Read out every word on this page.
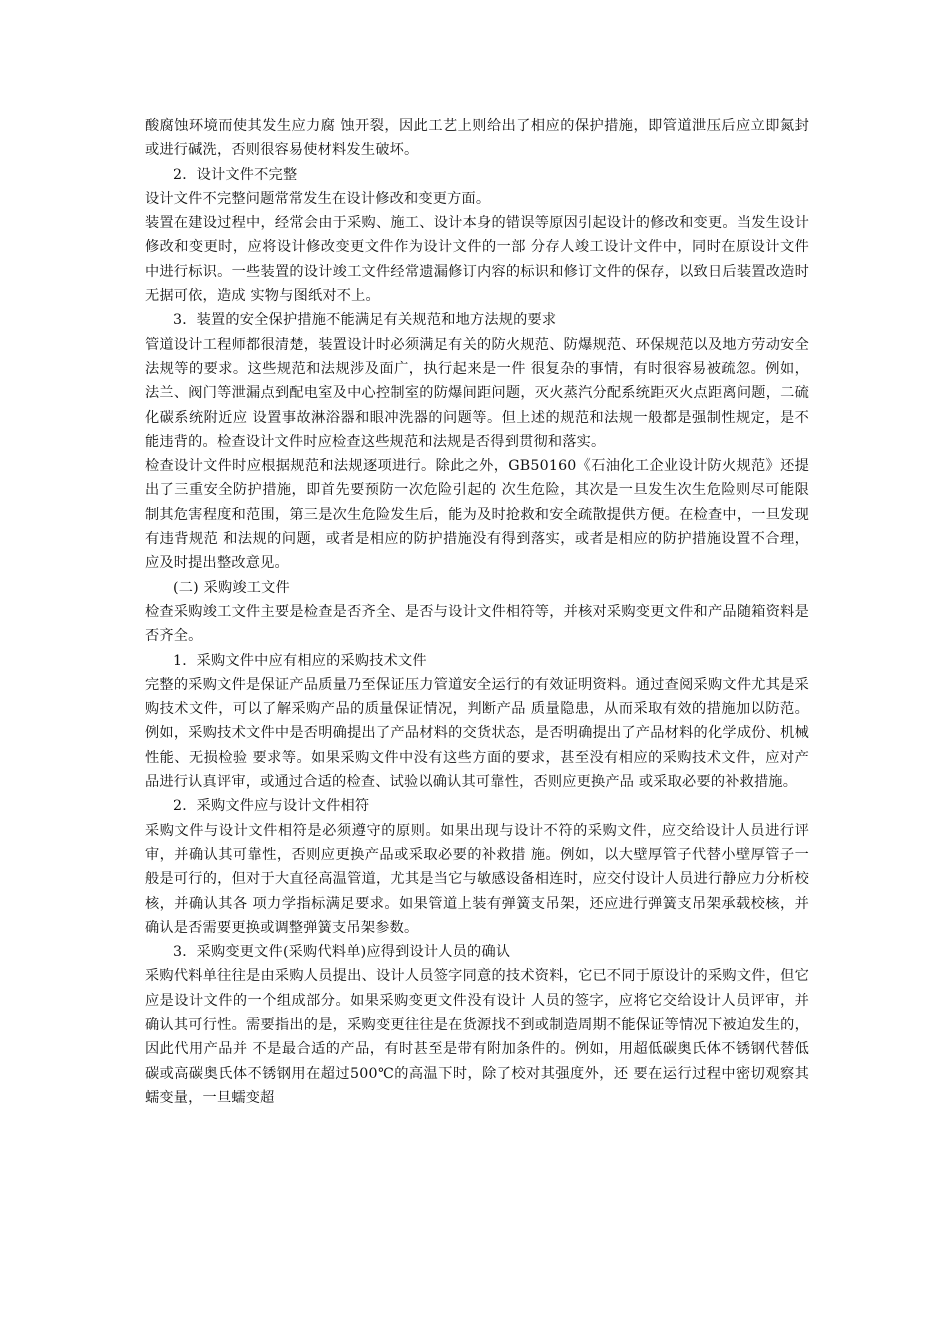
酸腐蚀环境而使其发生应力腐 蚀开裂，因此工艺上则给出了相应的保护措施，即管道泄压后应立即氮封或进行碱洗，否则很容易使材料发生破坏。

2．设计文件不完整

设计文件不完整问题常常发生在设计修改和变更方面。

装置在建设过程中，经常会由于采购、施工、设计本身的错误等原因引起设计的修改和变更。当发生设计修改和变更时，应将设计修改变更文件作为设计文件的一部 分存人竣工设计文件中，同时在原设计文件中进行标识。一些装置的设计竣工文件经常遗漏修订内容的标识和修订文件的保存，以致日后装置改造时无据可依，造成 实物与图纸对不上。

3．装置的安全保护措施不能满足有关规范和地方法规的要求

管道设计工程师都很清楚，装置设计时必须满足有关的防火规范、防爆规范、环保规范以及地方劳动安全法规等的要求。这些规范和法规涉及面广，执行起来是一件 很复杂的事情，有时很容易被疏忽。例如，法兰、阀门等泄漏点到配电室及中心控制室的防爆间距问题，灭火蒸汽分配系统距灭火点距离问题，二硫化碳系统附近应 设置事故淋浴器和眼冲洗器的问题等。但上述的规范和法规一般都是强制性规定，是不能违背的。检查设计文件时应检查这些规范和法规是否得到贯彻和落实。

检查设计文件时应根据规范和法规逐项进行。除此之外，GB50160《石油化工企业设计防火规范》还提出了三重安全防护措施，即首先要预防一次危险引起的 次生危险，其次是一旦发生次生危险则尽可能限制其危害程度和范围，第三是次生危险发生后，能为及时抢救和安全疏散提供方便。在检查中，一旦发现有违背规范 和法规的问题，或者是相应的防护措施没有得到落实，或者是相应的防护措施设置不合理，应及时提出整改意见。

(二) 采购竣工文件

检查采购竣工文件主要是检查是否齐全、是否与设计文件相符等，并核对采购变更文件和产品随箱资料是否齐全。

1．采购文件中应有相应的采购技术文件

完整的采购文件是保证产品质量乃至保证压力管道安全运行的有效证明资料。通过查阅采购文件尤其是采购技术文件，可以了解采购产品的质量保证情况，判断产品 质量隐患，从而采取有效的措施加以防范。例如，采购技术文件中是否明确提出了产品材料的交货状态，是否明确提出了产品材料的化学成份、机械性能、无损检验 要求等。如果采购文件中没有这些方面的要求，甚至没有相应的采购技术文件，应对产品进行认真评审，或通过合适的检查、试验以确认其可靠性，否则应更换产品 或采取必要的补救措施。

2．采购文件应与设计文件相符

采购文件与设计文件相符是必须遵守的原则。如果出现与设计不符的采购文件，应交给设计人员进行评审，并确认其可靠性，否则应更换产品或采取必要的补救措 施。例如，以大壁厚管子代替小壁厚管子一般是可行的，但对于大直径高温管道，尤其是当它与敏感设备相连时，应交付设计人员进行静应力分析校核，并确认其各 项力学指标满足要求。如果管道上装有弹簧支吊架，还应进行弹簧支吊架承载校核，并确认是否需要更换或调整弹簧支吊架参数。

3．采购变更文件(采购代料单)应得到设计人员的确认

采购代料单往往是由采购人员提出、设计人员签字同意的技术资料，它已不同于原设计的采购文件，但它应是设计文件的一个组成部分。如果采购变更文件没有设计 人员的签字，应将它交给设计人员评审，并确认其可行性。需要指出的是，采购变更往往是在货源找不到或制造周期不能保证等情况下被迫发生的，因此代用产品并 不是最合适的产品，有时甚至是带有附加条件的。例如，用超低碳奥氏体不锈钢代替低碳或高碳奥氏体不锈钢用在超过500℃的高温下时，除了校对其强度外，还 要在运行过程中密切观察其蠕变量，一旦蠕变超
